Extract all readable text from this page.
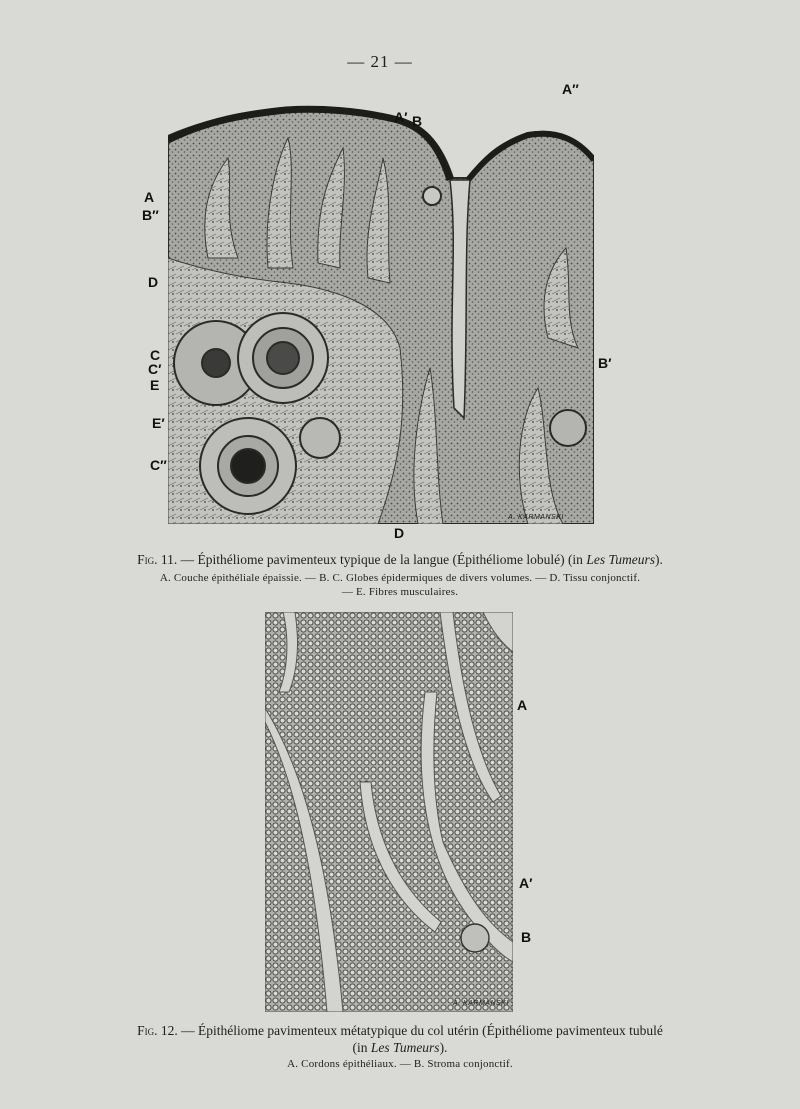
— 21 —
A
B″
D
C
C′
E
E′
C″
A′ B
A″
B′
D
A. KARMANSKI
Fig. 11. — Épithéliome pavimenteux typique de la langue (Épithéliome lobulé) (in Les Tumeurs).
A. Couche épithéliale épaissie. — B. C. Globes épidermiques de divers volumes. — D. Tissu conjonctif.
— E. Fibres musculaires.
A
A′
B
A. KARMANSKI
Fig. 12. — Épithéliome pavimenteux métatypique du col utérin (Épithéliome pavimenteux tubulé
(in Les Tumeurs).
A. Cordons épithéliaux. — B. Stroma conjonctif.
